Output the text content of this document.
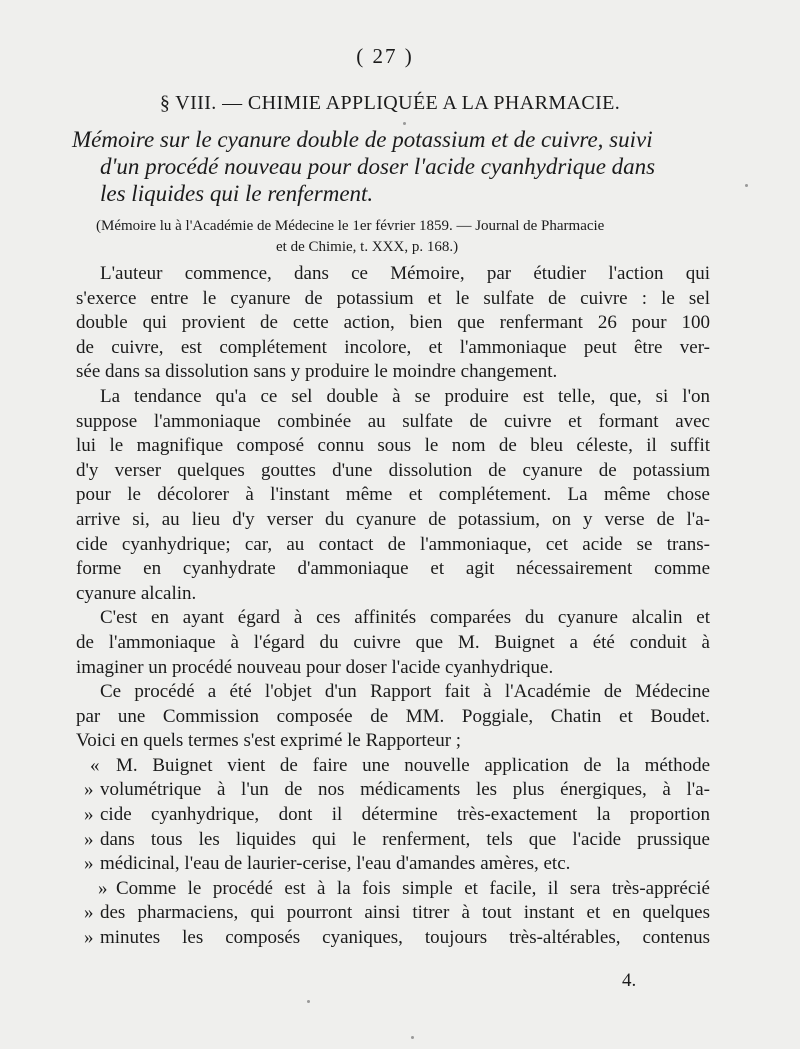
( 27 )
§ VIII. — CHIMIE APPLIQUÉE A LA PHARMACIE.
Mémoire sur le cyanure double de potassium et de cuivre, suivi
d'un procédé nouveau pour doser l'acide cyanhydrique dans
les liquides qui le renferment.
(Mémoire lu à l'Académie de Médecine le 1er février 1859. — Journal de Pharmacie
et de Chimie, t. XXX, p. 168.)
L'auteur commence, dans ce Mémoire, par étudier l'action qui
s'exerce entre le cyanure de potassium et le sulfate de cuivre : le sel
double qui provient de cette action, bien que renfermant 26 pour 100
de cuivre, est complétement incolore, et l'ammoniaque peut être ver-
sée dans sa dissolution sans y produire le moindre changement.
La tendance qu'a ce sel double à se produire est telle, que, si l'on
suppose l'ammoniaque combinée au sulfate de cuivre et formant avec
lui le magnifique composé connu sous le nom de bleu céleste, il suffit
d'y verser quelques gouttes d'une dissolution de cyanure de potassium
pour le décolorer à l'instant même et complétement. La même chose
arrive si, au lieu d'y verser du cyanure de potassium, on y verse de l'a-
cide cyanhydrique; car, au contact de l'ammoniaque, cet acide se trans-
forme en cyanhydrate d'ammoniaque et agit nécessairement comme
cyanure alcalin.
C'est en ayant égard à ces affinités comparées du cyanure alcalin et
de l'ammoniaque à l'égard du cuivre que M. Buignet a été conduit à
imaginer un procédé nouveau pour doser l'acide cyanhydrique.
Ce procédé a été l'objet d'un Rapport fait à l'Académie de Médecine
par une Commission composée de MM. Poggiale, Chatin et Boudet.
Voici en quels termes s'est exprimé le Rapporteur ;
« M. Buignet vient de faire une nouvelle application de la méthode
» volumétrique à l'un de nos médicaments les plus énergiques, à l'a-
» cide cyanhydrique, dont il détermine très-exactement la proportion
» dans tous les liquides qui le renferment, tels que l'acide prussique
» médicinal, l'eau de laurier-cerise, l'eau d'amandes amères, etc.
» Comme le procédé est à la fois simple et facile, il sera très-apprécié
» des pharmaciens, qui pourront ainsi titrer à tout instant et en quelques
» minutes les composés cyaniques, toujours très-altérables, contenus
4.
